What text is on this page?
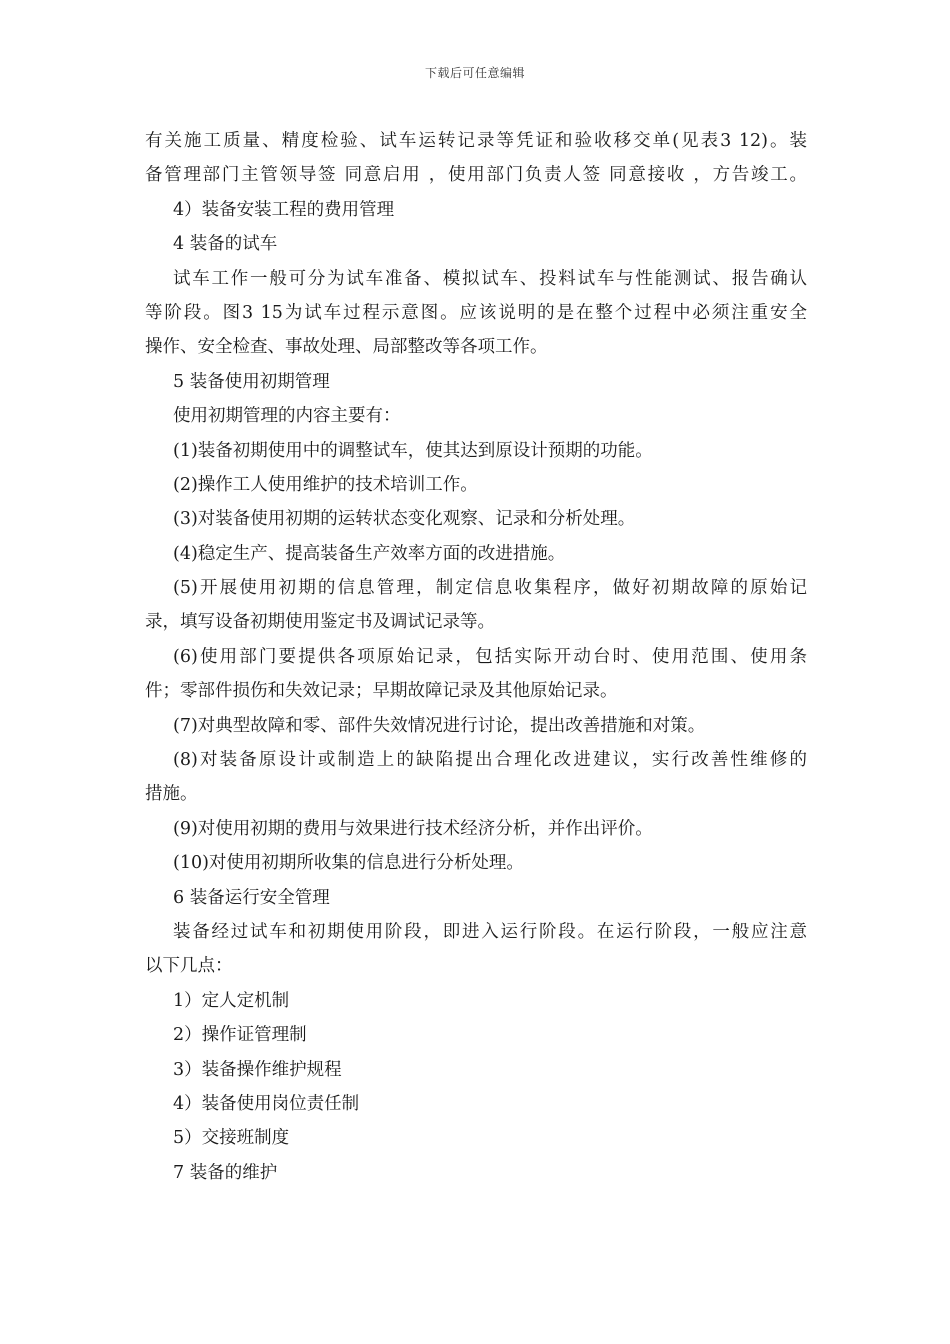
下载后可任意编辑
有关施工质量、精度检验、试车运转记录等凭证和验收移交单(见表3 12)。装
备管理部门主管领导签 同意启用 ，使用部门负责人签 同意接收 ，方告竣工。
4）装备安装工程的费用管理
4 装备的试车
试车工作一般可分为试车准备、模拟试车、投料试车与性能测试、报告确认
等阶段。图3 15为试车过程示意图。应该说明的是在整个过程中必须注重安全
操作、安全检查、事故处理、局部整改等各项工作。
5 装备使用初期管理
使用初期管理的内容主要有：
(1)装备初期使用中的调整试车，使其达到原设计预期的功能。
(2)操作工人使用维护的技术培训工作。
(3)对装备使用初期的运转状态变化观察、记录和分析处理。
(4)稳定生产、提高装备生产效率方面的改进措施。
(5)开展使用初期的信息管理，制定信息收集程序，做好初期故障的原始记
录，填写设备初期使用鉴定书及调试记录等。
(6)使用部门要提供各项原始记录，包括实际开动台时、使用范围、使用条
件；零部件损伤和失效记录；早期故障记录及其他原始记录。
(7)对典型故障和零、部件失效情况进行讨论，提出改善措施和对策。
(8)对装备原设计或制造上的缺陷提出合理化改进建议，实行改善性维修的
措施。
(9)对使用初期的费用与效果进行技术经济分析，并作出评价。
(10)对使用初期所收集的信息进行分析处理。
6 装备运行安全管理
装备经过试车和初期使用阶段，即进入运行阶段。在运行阶段，一般应注意
以下几点：
1）定人定机制
2）操作证管理制
3）装备操作维护规程
4）装备使用岗位责任制
5）交接班制度
7 装备的维护
